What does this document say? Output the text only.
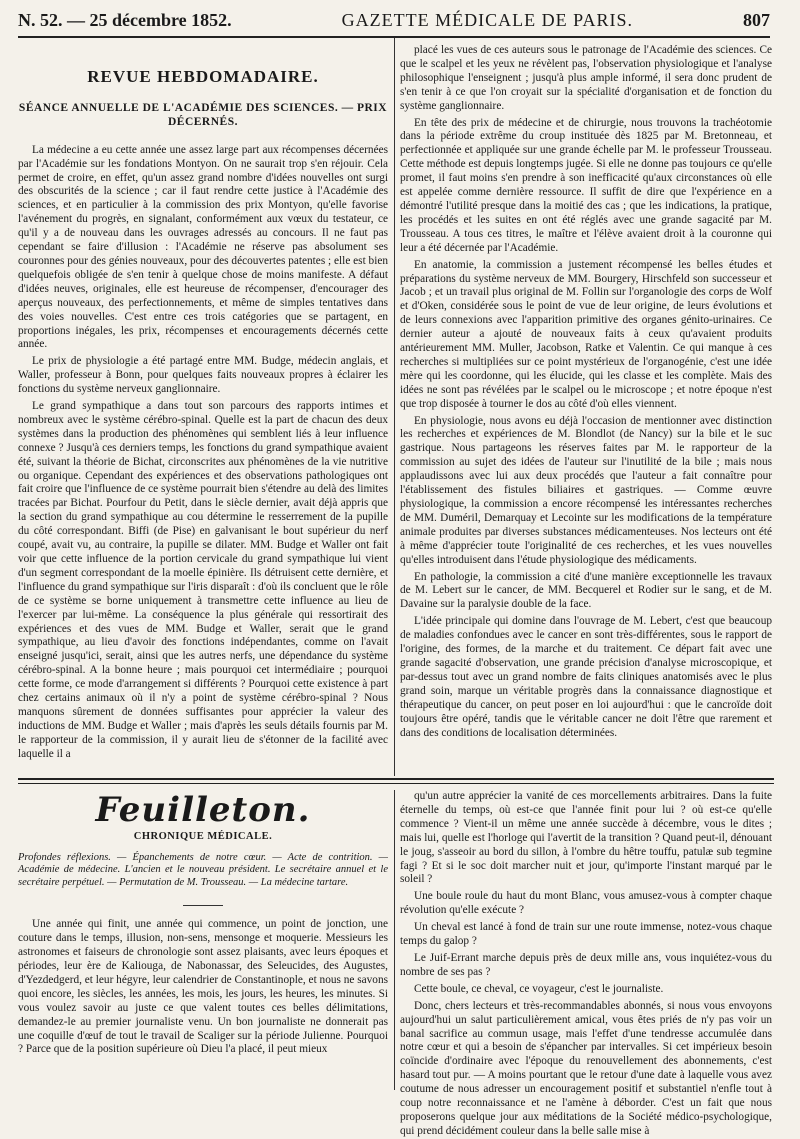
N. 52. — 25 décembre 1852.	GAZETTE MÉDICALE DE PARIS.	807
REVUE HEBDOMADAIRE.
SÉANCE ANNUELLE DE L'ACADÉMIE DES SCIENCES. — PRIX DÉCERNÉS.

La médecine a eu cette année une assez large part aux récompenses décernées par l'Académie sur les fondations Montyon. On ne saurait trop s'en réjouir. Cela permet de croire, en effet, qu'un assez grand nombre d'idées nouvelles ont surgi des obscurités de la science ; car il faut rendre cette justice à l'Académie des sciences, et en particulier à la commission des prix Montyon, qu'elle favorise l'avénement du progrès, en signalant, conformément aux vœux du testateur, ce qu'il y a de nouveau dans les ouvrages adressés au concours. Il ne faut pas cependant se faire d'illusion : l'Académie ne réserve pas absolument ses couronnes pour des génies nouveaux, pour des découvertes patentes ; elle est bien quelquefois obligée de s'en tenir à quelque chose de moins manifeste. A défaut d'idées neuves, originales, elle est heureuse de récompenser, d'encourager des aperçus nouveaux, des perfectionnements, et même de simples tentatives dans des voies nouvelles. C'est entre ces trois catégories que se partagent, en proportions inégales, les prix, récompenses et encouragements décernés cette année.

Le prix de physiologie a été partagé entre MM. Budge, médecin anglais, et Waller, professeur à Bonn, pour quelques faits nouveaux propres à éclairer les fonctions du système nerveux ganglionnaire.

Le grand sympathique a dans tout son parcours des rapports intimes et nombreux avec le système cérébro-spinal. Quelle est la part de chacun des deux systèmes dans la production des phénomènes qui semblent liés à leur influence connexe ? Jusqu'à ces derniers temps, les fonctions du grand sympathique avaient été, suivant la théorie de Bichat, circonscrites aux phénomènes de la vie nutritive ou organique. Cependant des expériences et des observations pathologiques ont fait croire que l'influence de ce système pourrait bien s'étendre au delà des limites tracées par Bichat. Pourfour du Petit, dans le siècle dernier, avait déjà appris que la section du grand sympathique au cou détermine le resserrement de la pupille du côté correspondant. Biffi (de Pise) en galvanisant le bout supérieur du nerf coupé, avait vu, au contraire, la pupille se dilater. MM. Budge et Waller ont fait voir que cette influence de la portion cervicale du grand sympathique lui vient d'un segment correspondant de la moelle épinière. Ils détruisent cette dernière, et l'influence du grand sympathique sur l'iris disparaît : d'où ils concluent que le rôle de ce système se borne uniquement à transmettre cette influence au lieu de l'exercer par lui-même. La conséquence la plus générale qui ressortirait des expériences et des vues de MM. Budge et Waller, serait que le grand sympathique, au lieu d'avoir des fonctions indépendantes, comme on l'avait enseigné jusqu'ici, serait, ainsi que les autres nerfs, une dépendance du système cérébro-spinal. A la bonne heure ; mais pourquoi cet intermédiaire ; pourquoi cette forme, ce mode d'arrangement si différents ? Pourquoi cette existence à part chez certains animaux où il n'y a point de système cérébro-spinal ? Nous manquons sûrement de données suffisantes pour apprécier la valeur des inductions de MM. Budge et Waller ; mais d'après les seuls détails fournis par M. le rapporteur de la commission, il y aurait lieu de s'étonner de la facilité avec laquelle il a

placé les vues de ces auteurs sous le patronage de l'Académie des sciences. Ce que le scalpel et les yeux ne révèlent pas, l'observation physiologique et l'analyse philosophique l'enseignent ; jusqu'à plus ample informé, il sera donc prudent de s'en tenir à ce que l'on croyait sur la spécialité d'organisation et de fonction du système ganglionnaire.

En tête des prix de médecine et de chirurgie, nous trouvons la trachéotomie dans la période extrême du croup instituée dès 1825 par M. Bretonneau, et perfectionnée et appliquée sur une grande échelle par M. le professeur Trousseau. Cette méthode est depuis longtemps jugée. Si elle ne donne pas toujours ce qu'elle promet, il faut moins s'en prendre à son inefficacité qu'aux circonstances où elle est appelée comme dernière ressource. Il suffit de dire que l'expérience en a démontré l'utilité presque dans la moitié des cas ; que les indications, la pratique, les procédés et les suites en ont été réglés avec une grande sagacité par M. Trousseau. A tous ces titres, le maître et l'élève avaient droit à la couronne qui leur a été décernée par l'Académie.

En anatomie, la commission a justement récompensé les belles études et préparations du système nerveux de MM. Bourgery, Hirschfeld son successeur et Jacob ; et un travail plus original de M. Follin sur l'organologie des corps de Wolf et d'Oken, considérée sous le point de vue de leur origine, de leurs évolutions et de leurs connexions avec l'apparition primitive des organes génito-urinaires. Ce dernier auteur a ajouté de nouveaux faits à ceux qu'avaient produits antérieurement MM. Muller, Jacobson, Ratke et Valentin. Ce qui manque à ces recherches si multipliées sur ce point mystérieux de l'organogénie, c'est une idée mère qui les coordonne, qui les élucide, qui les classe et les complète. Mais des idées ne sont pas révélées par le scalpel ou le microscope ; et notre époque n'est que trop disposée à tourner le dos au côté d'où elles viennent.

En physiologie, nous avons eu déjà l'occasion de mentionner avec distinction les recherches et expériences de M. Blondlot (de Nancy) sur la bile et le suc gastrique. Nous partageons les réserves faites par M. le rapporteur de la commission au sujet des idées de l'auteur sur l'inutilité de la bile ; mais nous applaudissons avec lui aux deux procédés que l'auteur a fait connaître pour l'établissement des fistules biliaires et gastriques. — Comme œuvre physiologique, la commission a encore récompensé les intéressantes recherches de MM. Duméril, Demarquay et Lecointe sur les modifications de la température animale produites par diverses substances médicamenteuses. Nos lecteurs ont été à même d'apprécier toute l'originalité de ces recherches, et les vues nouvelles qu'elles introduisent dans l'étude physiologique des médicaments.

En pathologie, la commission a cité d'une manière exceptionnelle les travaux de M. Lebert sur le cancer, de MM. Becquerel et Rodier sur le sang, et de M. Davaine sur la paralysie double de la face.

L'idée principale qui domine dans l'ouvrage de M. Lebert, c'est que beaucoup de maladies confondues avec le cancer en sont très-différentes, sous le rapport de l'origine, des formes, de la marche et du traitement. Ce départ fait avec une grande sagacité d'observation, une grande précision d'analyse microscopique, et par-dessus tout avec un grand nombre de faits cliniques anatomisés avec le plus grand soin, marque un véritable progrès dans la connaissance diagnostique et thérapeutique du cancer, on peut poser en loi aujourd'hui : que le cancroïde doit toujours être opéré, tandis que le véritable cancer ne doit l'être que rarement et dans des conditions de localisation déterminées.

Feuilleton.
CHRONIQUE MÉDICALE.
Profondes réflexions. — Épanchements de notre cœur. — Acte de contrition. — Académie de médecine. L'ancien et le nouveau président. Le secrétaire annuel et le secrétaire perpétuel. — Permutation de M. Trousseau. — La médecine tartare.

Une année qui finit, une année qui commence, un point de jonction, une couture dans le temps, illusion, non-sens, mensonge et moquerie. Messieurs les astronomes et faiseurs de chronologie sont assez plaisants, avec leurs époques et périodes, leur ère de Kaliouga, de Nabonassar, des Seleucides, des Augustes, d'Yezdedgerd, et leur hégyre, leur calendrier de Constantinople, et nous ne savons quoi encore, les siècles, les années, les mois, les jours, les heures, les minutes. Si vous voulez savoir au juste ce que valent toutes ces belles délimitations, demandez-le au premier journaliste venu. Un bon journaliste ne donnerait pas une coquille d'œuf de tout le travail de Scaliger sur la période Julienne. Pourquoi ? Parce que de la position supérieure où Dieu l'a placé, il peut mieux

qu'un autre apprécier la vanité de ces morcellements arbitraires. Dans la fuite éternelle du temps, où est-ce que l'année finit pour lui ? où est-ce qu'elle commence ? Vient-il un même une année succède à décembre, vous le dites ; mais lui, quelle est l'horloge qui l'avertit de la transition ? Quand peut-il, dénouant le joug, s'asseoir au bord du sillon, à l'ombre du hêtre touffu, patulæ sub tegmine fagi ? Et si le soc doit marcher nuit et jour, qu'importe l'instant marqué par le soleil ?

Une boule roule du haut du mont Blanc, vous amusez-vous à compter chaque révolution qu'elle exécute ?

Un cheval est lancé à fond de train sur une route immense, notez-vous chaque temps du galop ?

Le Juif-Errant marche depuis près de deux mille ans, vous inquiétez-vous du nombre de ses pas ?

Cette boule, ce cheval, ce voyageur, c'est le journaliste.

Donc, chers lecteurs et très-recommandables abonnés, si nous vous envoyons aujourd'hui un salut particulièrement amical, vous êtes priés de n'y pas voir un banal sacrifice au commun usage, mais l'effet d'une tendresse accumulée dans notre cœur et qui a besoin de s'épancher par intervalles. Si cet impérieux besoin coïncide d'ordinaire avec l'époque du renouvellement des abonnements, c'est hasard tout pur. — A moins pourtant que le retour d'une date à laquelle vous avez coutume de nous adresser un encouragement positif et substantiel n'enfle tout à coup notre reconnaissance et ne l'amène à déborder. C'est un fait que nous proposerons quelque jour aux méditations de la Société médico-psychologique, qui prend décidément couleur dans la belle salle mise à
